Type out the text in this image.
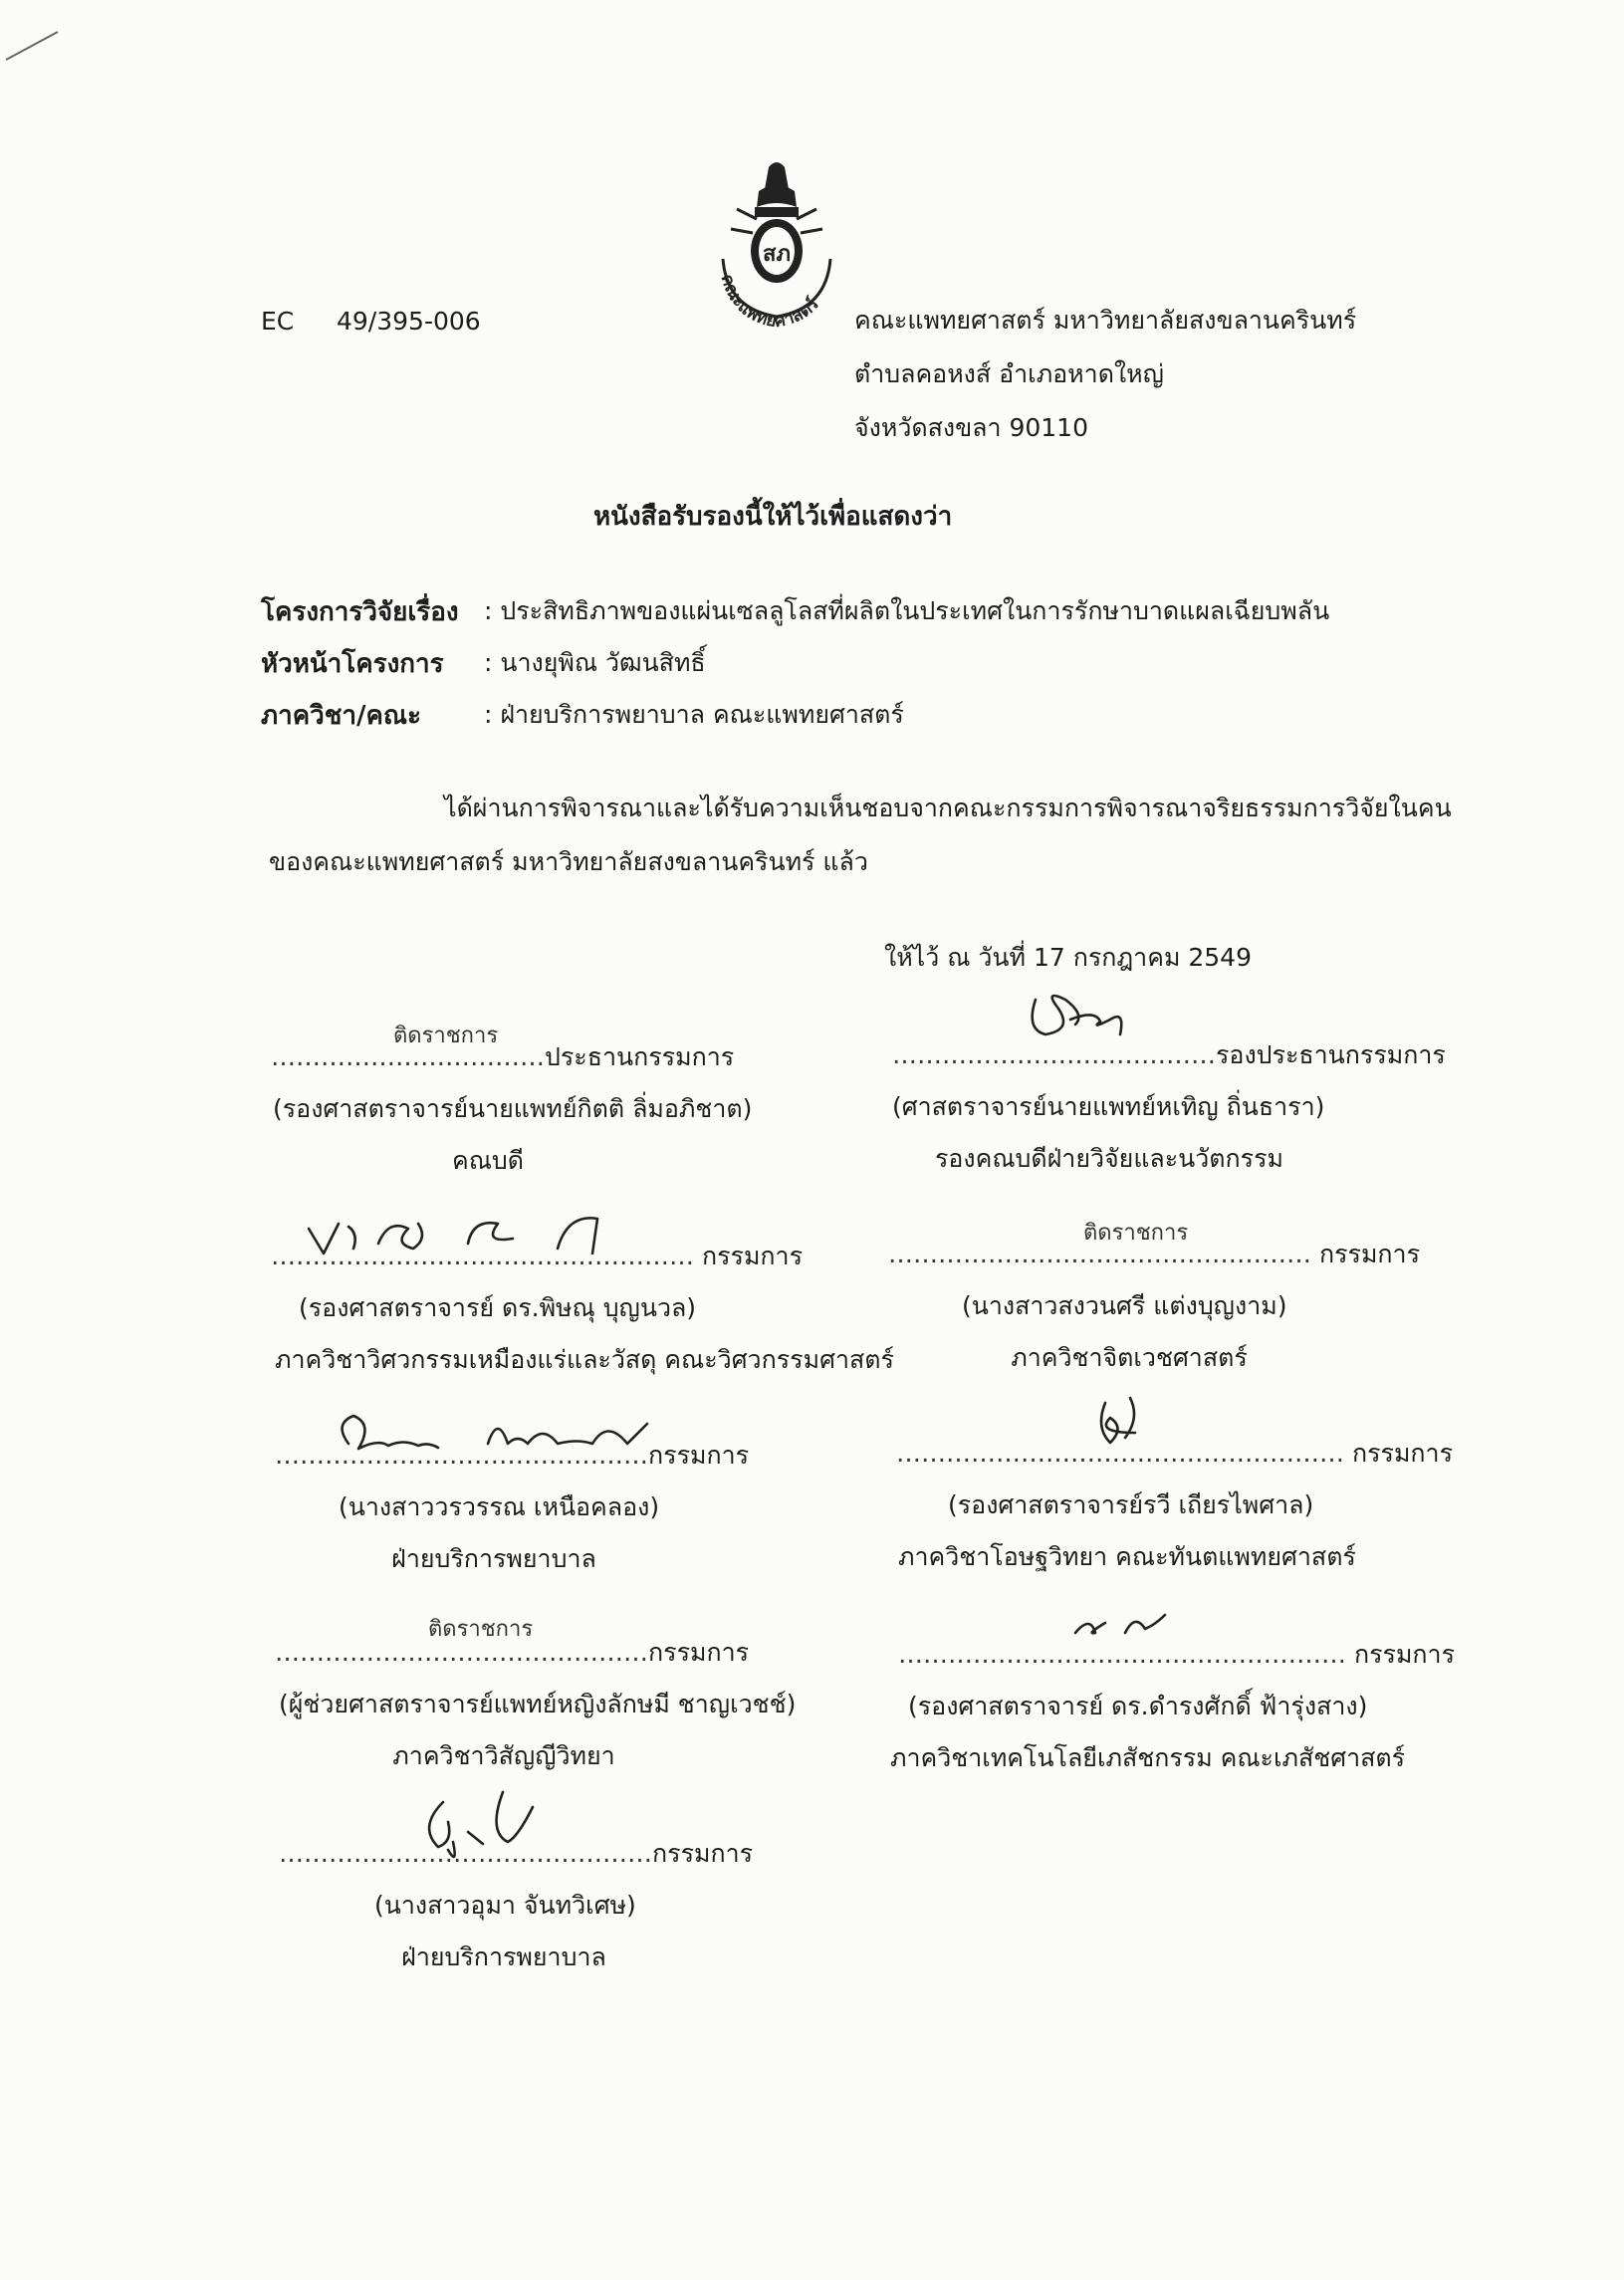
EC 49/395-006
สภ
คณะแพทยศาสตร์
คณะแพทยศาสตร์ มหาวิทยาลัยสงขลานครินทร์
ตำบลคอหงส์ อำเภอหาดใหญ่
จังหวัดสงขลา 90110
หนังสือรับรองนี้ให้ไว้เพื่อแสดงว่า
โครงการวิจัยเรื่อง : ประสิทธิภาพของแผ่นเซลลูโลสที่ผลิตในประเทศในการรักษาบาดแผลเฉียบพลัน
หัวหน้าโครงการ : นางยุพิณ วัฒนสิทธิ์
ภาควิชา/คณะ	: ฝ่ายบริการพยาบาล คณะแพทยศาสตร์
ได้ผ่านการพิจารณาและได้รับความเห็นชอบจากคณะกรรมการพิจารณาจริยธรรมการวิจัยในคน
ของคณะแพทยศาสตร์ มหาวิทยาลัยสงขลานครินทร์ แล้ว
ให้ไว้ ณ วันที่ 17 กรกฎาคม 2549
ติดราชการ
……………………………ประธานกรรมการ
(รองศาสตราจารย์นายแพทย์กิตติ ลิ่มอภิชาต)
คณบดี
…………………………………รองประธานกรรมการ
(ศาสตราจารย์นายแพทย์หเทิญ ถิ่นธารา)
รองคณบดีฝ่ายวิจัยและนวัตกรรม
…………………………………………… กรรมการ
(รองศาสตราจารย์ ดร.พิษณุ บุญนวล)
ภาควิชาวิศวกรรมเหมืองแร่และวัสดุ คณะวิศวกรรมศาสตร์
ติดราชการ
…………………………………………… กรรมการ
(นางสาวสงวนศรี แต่งบุญงาม)
ภาควิชาจิตเวชศาสตร์
………………………………………กรรมการ
(นางสาววรวรรณ เหนือคลอง)
ฝ่ายบริการพยาบาล
……………………………………………… กรรมการ
(รองศาสตราจารย์รวี เถียรไพศาล)
ภาควิชาโอษฐวิทยา คณะทันตแพทยศาสตร์
ติดราชการ
………………………………………กรรมการ
(ผู้ช่วยศาสตราจารย์แพทย์หญิงลักษมี ชาญเวชช์)
ภาควิชาวิสัญญีวิทยา
……………………………………………… กรรมการ
(รองศาสตราจารย์ ดร.ดำรงศักดิ์ ฟ้ารุ่งสาง)
ภาควิชาเทคโนโลยีเภสัชกรรม คณะเภสัชศาสตร์
………………………………………กรรมการ
(นางสาวอุมา จันทวิเศษ)
ฝ่ายบริการพยาบาล
